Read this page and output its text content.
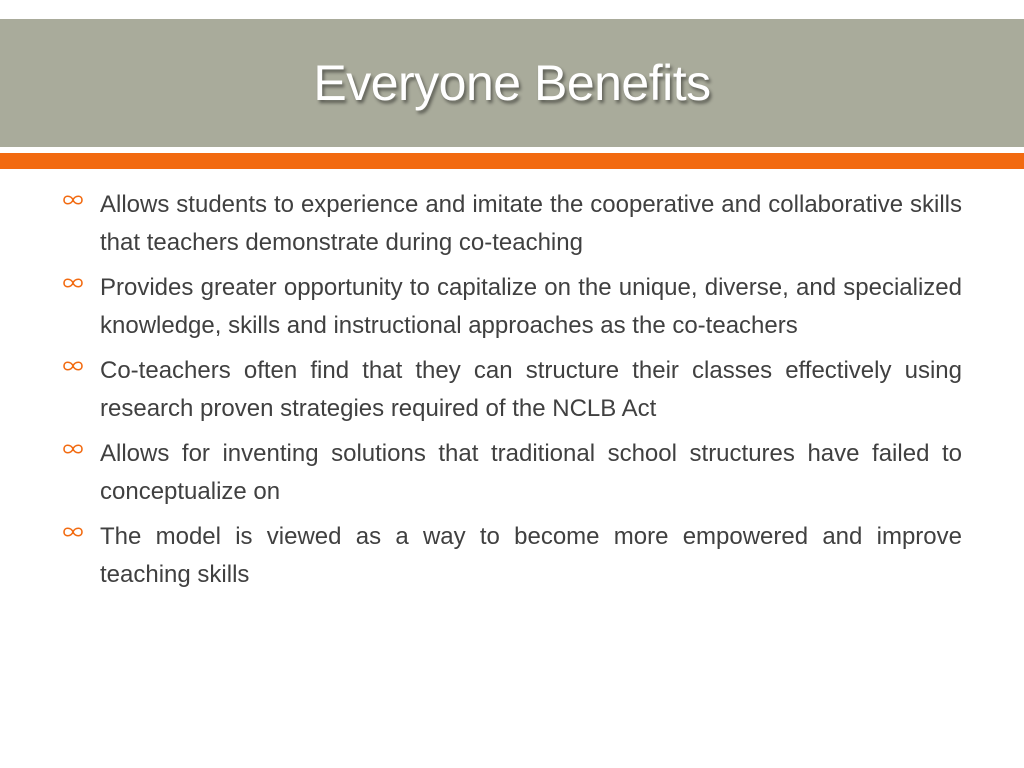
Everyone Benefits
Allows students to experience and imitate the cooperative and collaborative skills that teachers demonstrate during co-teaching
Provides greater opportunity to capitalize on the unique, diverse, and specialized knowledge, skills and instructional approaches as the co-teachers
Co-teachers often find that they can structure their classes effectively using research proven strategies required of the NCLB Act
Allows for inventing solutions that traditional school structures have failed to conceptualize on
The model is viewed as a way to become more empowered and improve teaching skills
